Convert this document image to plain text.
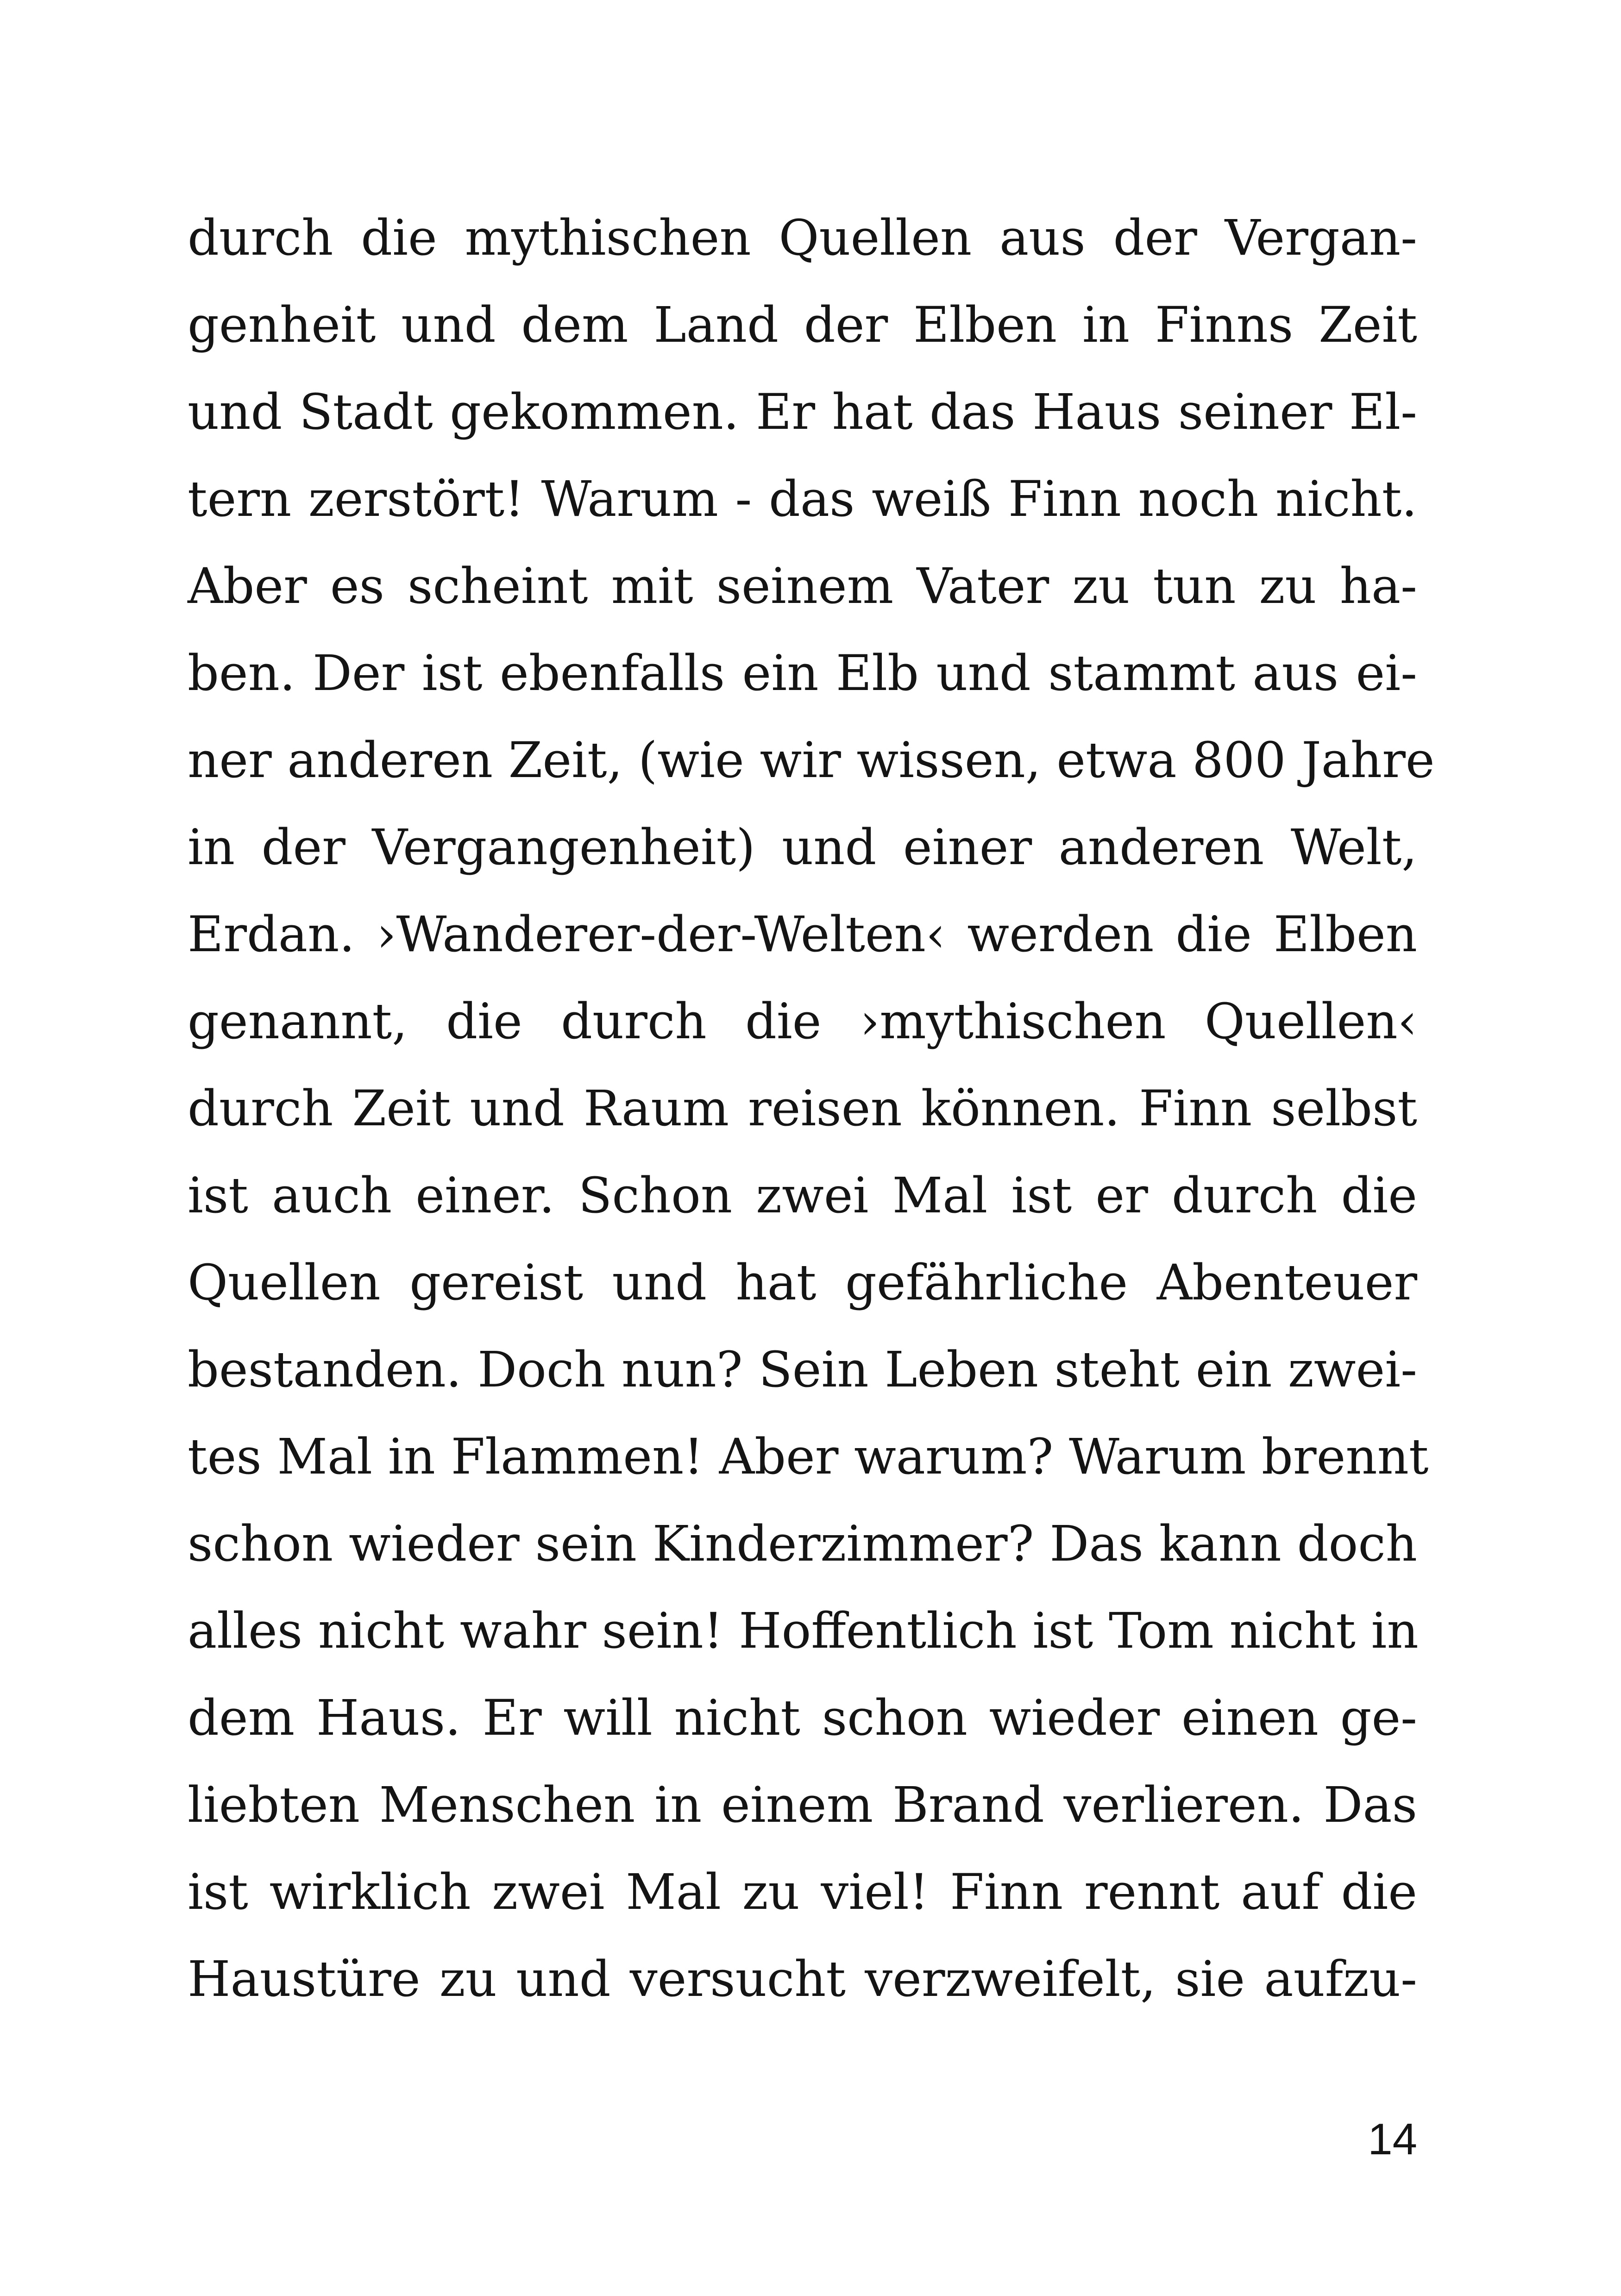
durch die mythischen Quellen aus der Vergan-
genheit und dem Land der Elben in Finns Zeit
und Stadt gekommen. Er hat das Haus seiner El-
tern zerstört! Warum - das weiß Finn noch nicht.
Aber es scheint mit seinem Vater zu tun zu ha-
ben. Der ist ebenfalls ein Elb und stammt aus ei-
ner anderen Zeit, (wie wir wissen, etwa 800 Jahre
in der Vergangenheit) und einer anderen Welt,
Erdan. ›Wanderer-der-Welten‹ werden die Elben
genannt, die durch die ›mythischen Quellen‹
durch Zeit und Raum reisen können. Finn selbst
ist auch einer. Schon zwei Mal ist er durch die
Quellen gereist und hat gefährliche Abenteuer
bestanden. Doch nun? Sein Leben steht ein zwei-
tes Mal in Flammen! Aber warum? Warum brennt
schon wieder sein Kinderzimmer? Das kann doch
alles nicht wahr sein! Hoffentlich ist Tom nicht in
dem Haus. Er will nicht schon wieder einen ge-
liebten Menschen in einem Brand verlieren. Das
ist wirklich zwei Mal zu viel! Finn rennt auf die
Haustüre zu und versucht verzweifelt, sie aufzu-
14
